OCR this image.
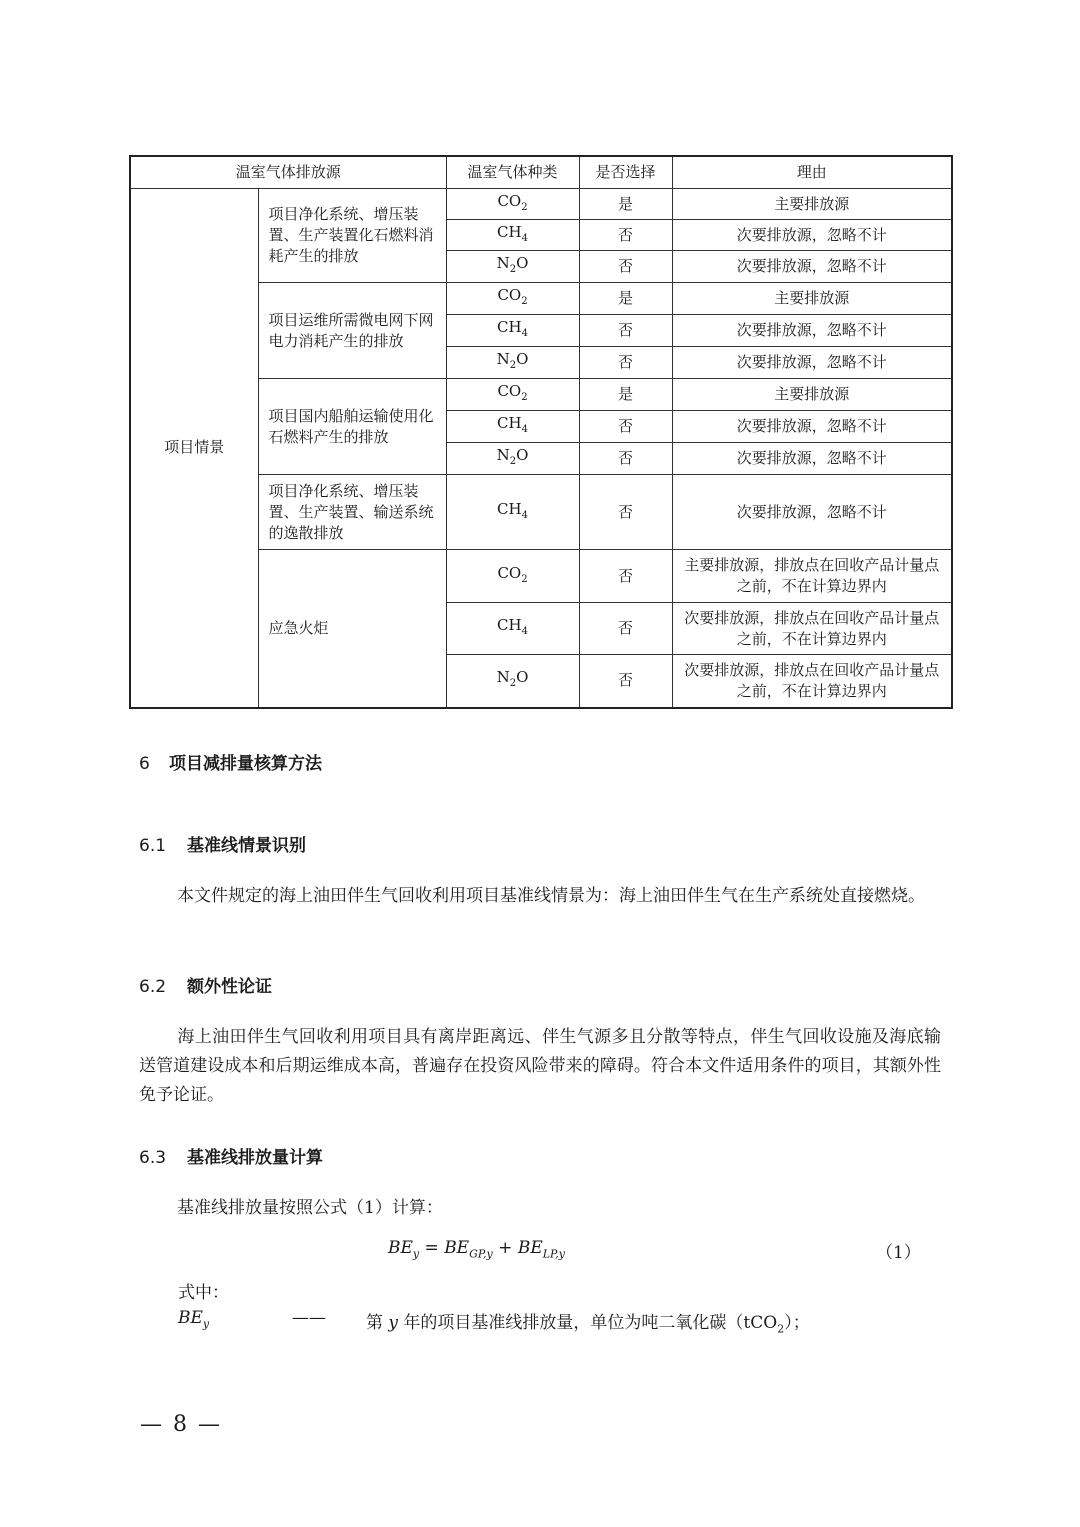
温室气体排放源		温室气体种类	是否选择	理由
项目情景	项目净化系统、增压装置、生产装置化石燃料消耗产生的排放	$CO_2$	是	主要排放源
		$CH_4$	否	次要排放源，忽略不计
		$N_2O$	否	次要排放源，忽略不计
	项目运维所需微电网下网电力消耗产生的排放	$CO_2$	是	主要排放源
		$CH_4$	否	次要排放源，忽略不计
		$N_2O$	否	次要排放源，忽略不计
	项目国内船舶运输使用化石燃料产生的排放	$CO_2$	是	主要排放源
		$CH_4$	否	次要排放源，忽略不计
		$N_2O$	否	次要排放源，忽略不计
	项目净化系统、增压装置、生产装置、输送系统的逸散排放	$CH_4$	否	次要排放源，忽略不计
	应急火炬	$CO_2$	否	主要排放源，排放点在回收产品计量点之前，不在计算边界内
		$CH_4$	否	次要排放源，排放点在回收产品计量点之前，不在计算边界内
		$N_2O$	否	次要排放源，排放点在回收产品计量点之前，不在计算边界内
6 项目减排量核算方法
6.1 基准线情景识别
本文件规定的海上油田伴生气回收利用项目基准线情景为：海上油田伴生气在生产系统处直接燃烧。
6.2 额外性论证
海上油田伴生气回收利用项目具有离岸距离远、伴生气源多且分散等特点，伴生气回收设施及海底输送管道建设成本和后期运维成本高，普遍存在投资风险带来的障碍。符合本文件适用条件的项目，其额外性免予论证。
6.3 基准线排放量计算
基准线排放量按照公式（1）计算：
$BE_y = BE_{GP,y} + BE_{LP,y}$	（1）
式中：
$BE_y$	—— 第 y 年的项目基准线排放量，单位为吨二氧化碳（tCO$_2$）；
— 8 —
